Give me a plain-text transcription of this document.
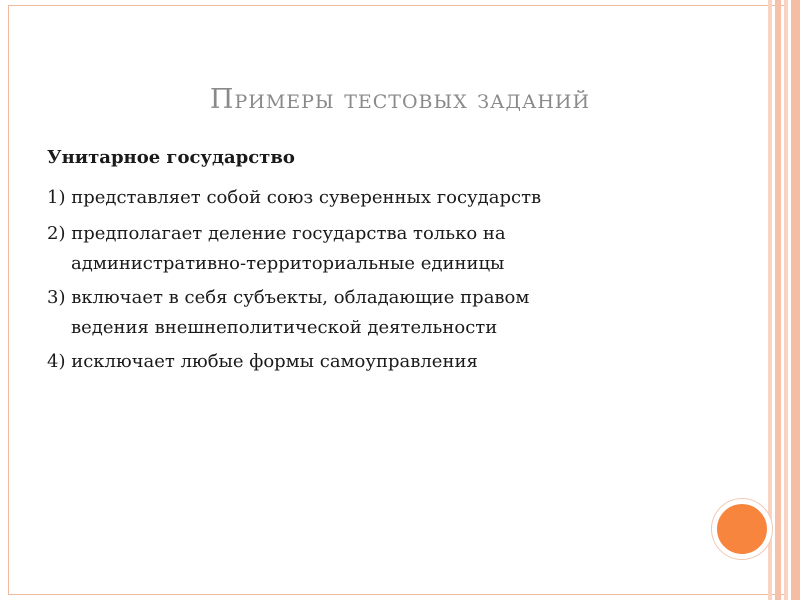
Примеры тестовых заданий
Унитарное государство
1) представляет собой союз суверенных государств
2) предполагает деление государства только на
административно-территориальные единицы
3) включает в себя субъекты, обладающие правом
ведения внешнеполитической деятельности
4) исключает любые формы самоуправления
